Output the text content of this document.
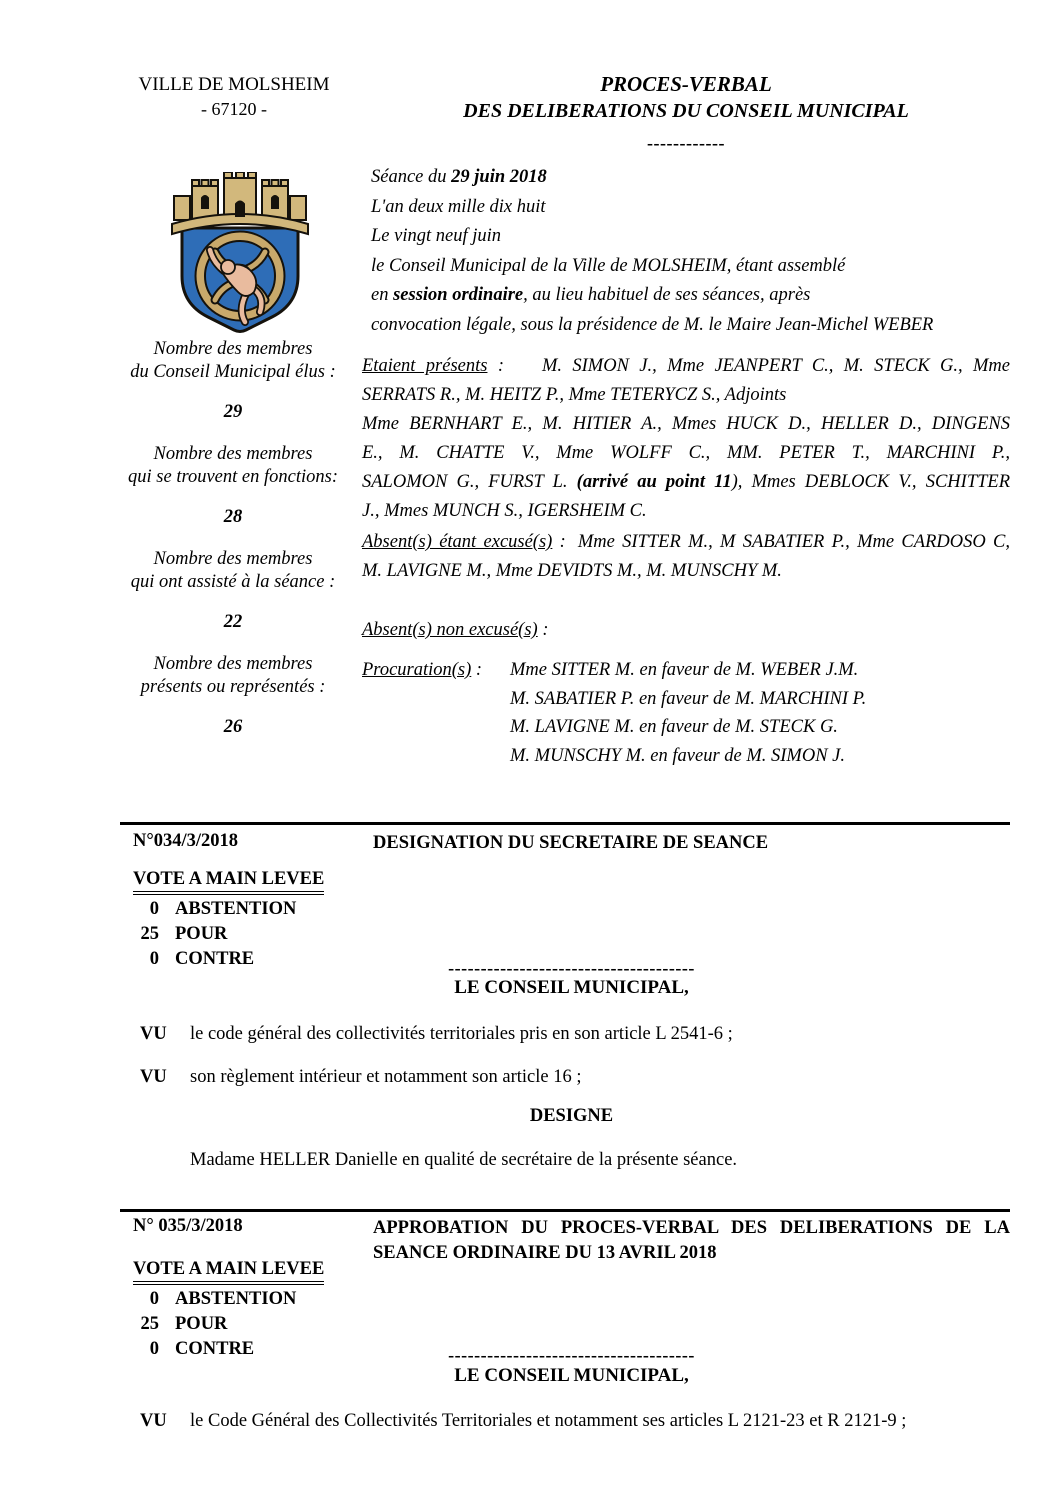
VILLE DE MOLSHEIM
- 67120 -
PROCES-VERBAL
DES DELIBERATIONS DU CONSEIL MUNICIPAL
------------
Séance du 29 juin 2018
L'an deux mille dix huit
Le vingt neuf juin
le Conseil Municipal de la Ville de MOLSHEIM, étant assemblé
en session ordinaire, au lieu habituel de ses séances, après
convocation légale, sous la présidence de M. le Maire Jean-Michel WEBER
Nombre des membres
du Conseil Municipal élus :
29
Nombre des membres
qui se trouvent en fonctions:
28
Nombre des membres
qui ont assisté à la séance :
22
Nombre des membres
présents ou représentés :
26
Etaient présents : M. SIMON J., Mme JEANPERT C., M. STECK G., Mme
SERRATS R., M. HEITZ P., Mme TETERYCZ S., Adjoints
Mme BERNHART E., M. HITIER A., Mmes HUCK D., HELLER D., DINGENS
E., M. CHATTE V., Mme WOLFF C., MM. PETER T., MARCHINI P.,
SALOMON G., FURST L. (arrivé au point 11), Mmes DEBLOCK V., SCHITTER
J., Mmes MUNCH S., IGERSHEIM C.
Absent(s) étant excusé(s) : Mme SITTER M., M SABATIER P., Mme CARDOSO C,
M. LAVIGNE M., Mme DEVIDTS M., M. MUNSCHY M.
Absent(s) non excusé(s) :
Procuration(s) :	Mme SITTER M. en faveur de M. WEBER J.M.
M. SABATIER P. en faveur de M. MARCHINI P.
M. LAVIGNE M. en faveur de M. STECK G.
M. MUNSCHY M. en faveur de M. SIMON J.
N°034/3/2018	DESIGNATION DU SECRETAIRE DE SEANCE
VOTE A MAIN LEVEE
0 ABSTENTION
25 POUR
0 CONTRE	--------------------------------------
LE CONSEIL MUNICIPAL,
VU le code général des collectivités territoriales pris en son article L 2541-6 ;
VU son règlement intérieur et notamment son article 16 ;
DESIGNE
Madame HELLER Danielle en qualité de secrétaire de la présente séance.
N° 035/3/2018	APPROBATION DU PROCES-VERBAL DES DELIBERATIONS DE LA
SEANCE ORDINAIRE DU 13 AVRIL 2018
VOTE A MAIN LEVEE
0 ABSTENTION
25 POUR
0 CONTRE	--------------------------------------
LE CONSEIL MUNICIPAL,
VU le Code Général des Collectivités Territoriales et notamment ses articles L 2121-23 et R 2121-9 ;
